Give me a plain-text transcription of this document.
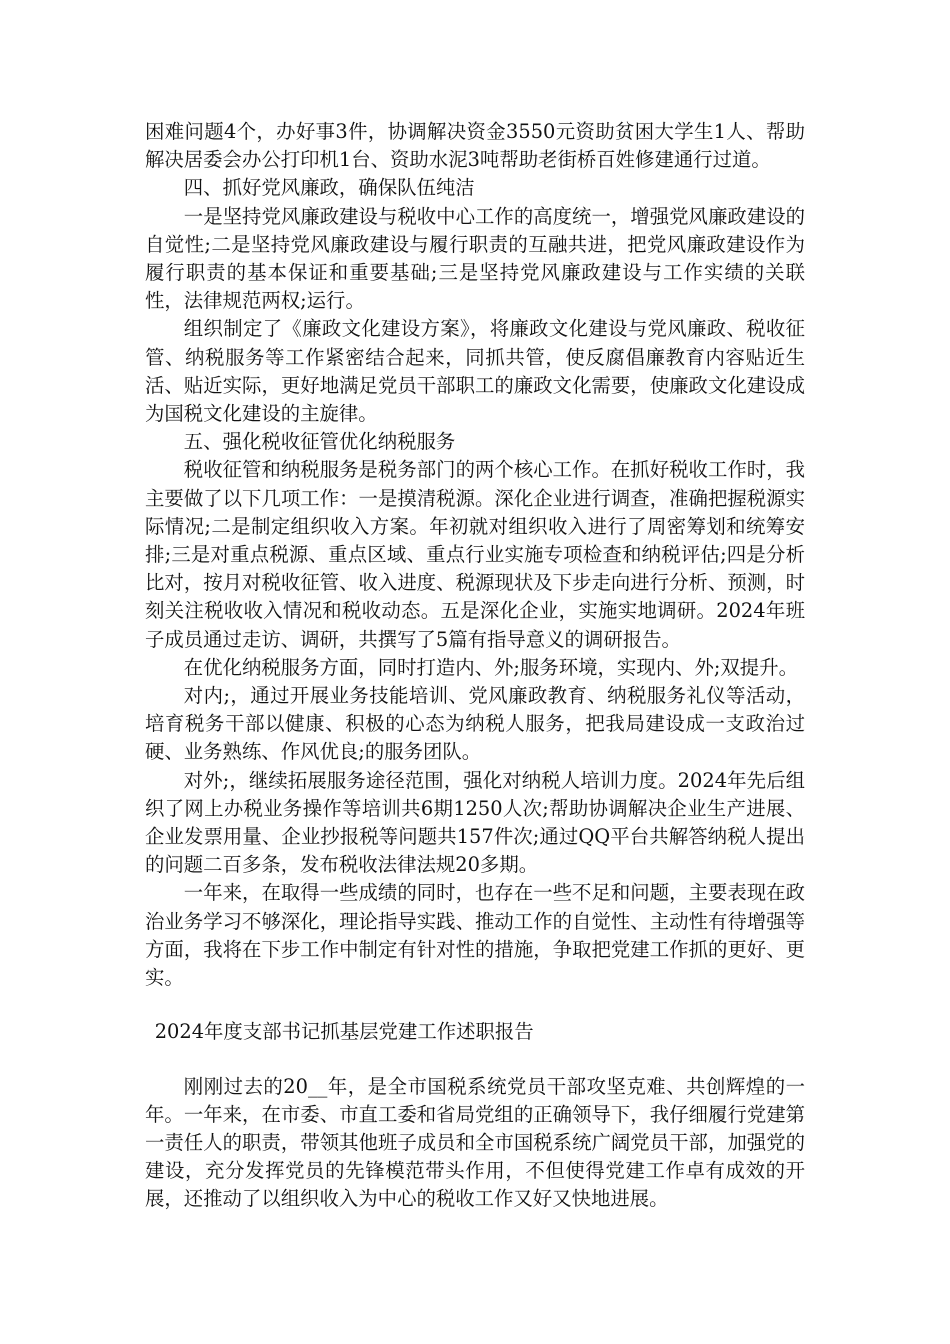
困难问题4个，办好事3件，协调解决资金3550元资助贫困大学生1人、帮助解决居委会办公打印机1台、资助水泥3吨帮助老街桥百姓修建通行过道。

四、抓好党风廉政，确保队伍纯洁

一是坚持党风廉政建设与税收中心工作的高度统一，增强党风廉政建设的自觉性;二是坚持党风廉政建设与履行职责的互融共进，把党风廉政建设作为履行职责的基本保证和重要基础;三是坚持党风廉政建设与工作实绩的关联性，法律规范两权;运行。

组织制定了《廉政文化建设方案》，将廉政文化建设与党风廉政、税收征管、纳税服务等工作紧密结合起来，同抓共管，使反腐倡廉教育内容贴近生活、贴近实际，更好地满足党员干部职工的廉政文化需要，使廉政文化建设成为国税文化建设的主旋律。

五、强化税收征管优化纳税服务

税收征管和纳税服务是税务部门的两个核心工作。在抓好税收工作时，我主要做了以下几项工作：一是摸清税源。深化企业进行调查，准确把握税源实际情况;二是制定组织收入方案。年初就对组织收入进行了周密筹划和统筹安排;三是对重点税源、重点区域、重点行业实施专项检查和纳税评估;四是分析比对，按月对税收征管、收入进度、税源现状及下步走向进行分析、预测，时刻关注税收收入情况和税收动态。五是深化企业，实施实地调研。2024年班子成员通过走访、调研，共撰写了5篇有指导意义的调研报告。

在优化纳税服务方面，同时打造内、外;服务环境，实现内、外;双提升。

对内;，通过开展业务技能培训、党风廉政教育、纳税服务礼仪等活动，培育税务干部以健康、积极的心态为纳税人服务，把我局建设成一支政治过硬、业务熟练、作风优良;的服务团队。

对外;，继续拓展服务途径范围，强化对纳税人培训力度。2024年先后组织了网上办税业务操作等培训共6期1250人次;帮助协调解决企业生产进展、企业发票用量、企业抄报税等问题共157件次;通过QQ平台共解答纳税人提出的问题二百多条，发布税收法律法规20多期。

一年来，在取得一些成绩的同时，也存在一些不足和问题，主要表现在政治业务学习不够深化，理论指导实践、推动工作的自觉性、主动性有待增强等方面，我将在下步工作中制定有针对性的措施，争取把党建工作抓的更好、更实。

2024年度支部书记抓基层党建工作述职报告

刚刚过去的20__年，是全市国税系统党员干部攻坚克难、共创辉煌的一年。一年来，在市委、市直工委和省局党组的正确领导下，我仔细履行党建第一责任人的职责，带领其他班子成员和全市国税系统广阔党员干部，加强党的建设，充分发挥党员的先锋模范带头作用，不但使得党建工作卓有成效的开展，还推动了以组织收入为中心的税收工作又好又快地进展。
